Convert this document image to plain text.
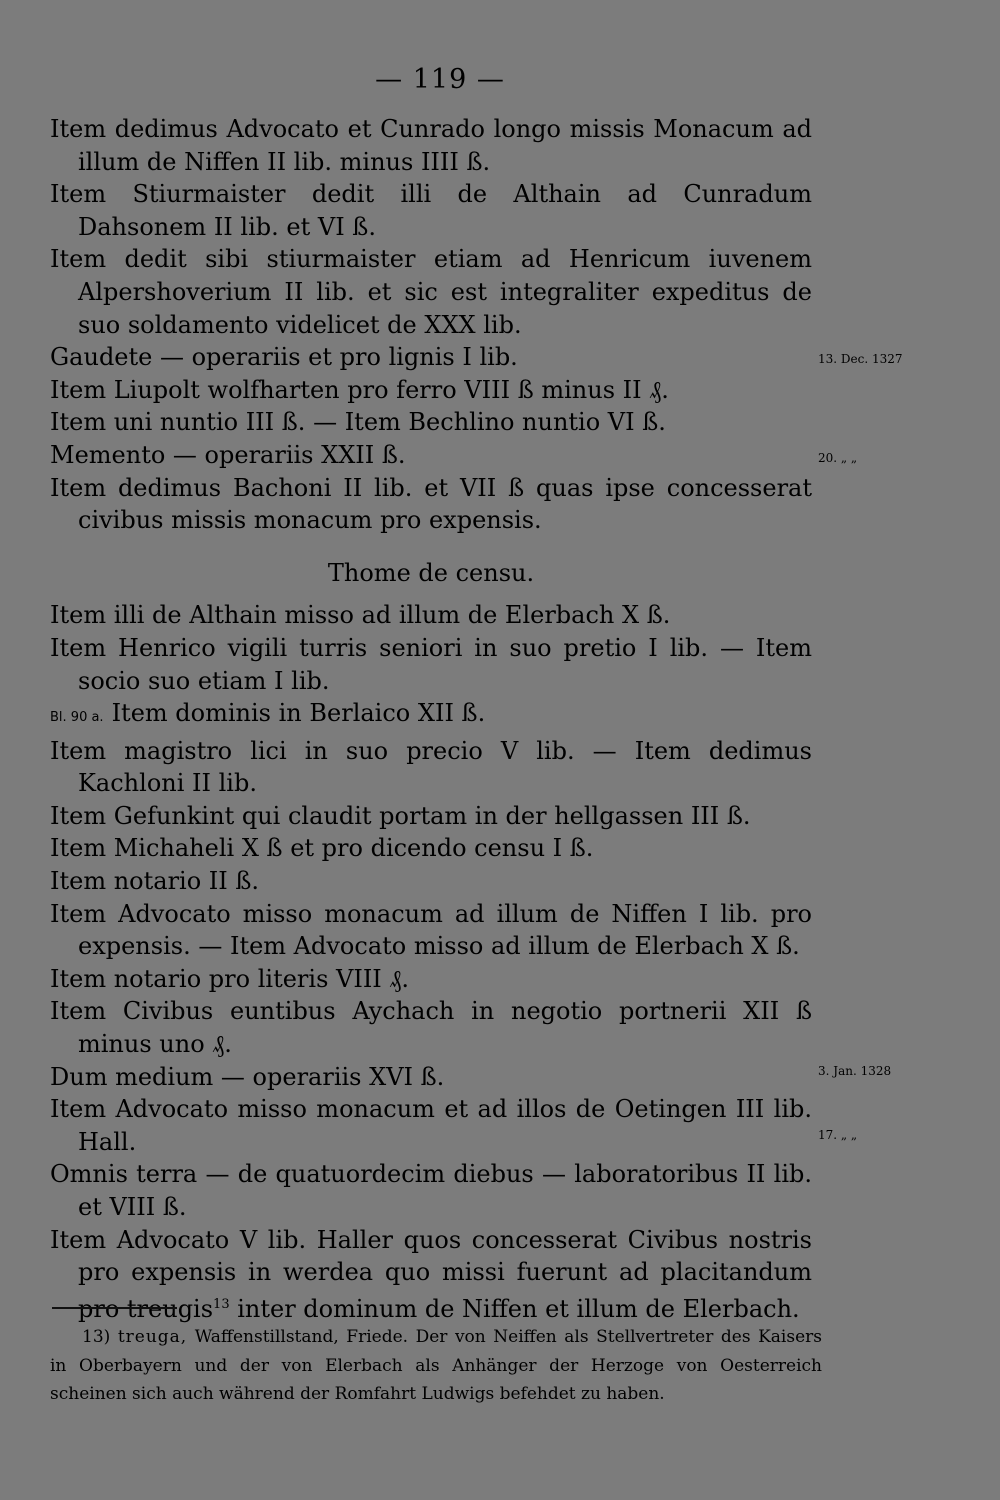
— 119 —
Item dedimus Advocato et Cunrado longo missis Monacum ad illum de Niffen II lib. minus IIII ß.
Item Stiurmaister dedit illi de Althain ad Cunradum Dahsonem II lib. et VI ß.
Item dedit sibi stiurmaister etiam ad Henricum iuvenem Alpershoverium II lib. et sic est integraliter expeditus de suo soldamento videlicet de XXX lib.
Gaudete — operariis et pro lignis I lib.
Item Liupolt wolfharten pro ferro VIII ß minus II ₰.
Item uni nuntio III ß. — Item Bechlino nuntio VI ß.
Memento — operariis XXII ß.
Item dedimus Bachoni II lib. et VII ß quas ipse concesserat civibus missis monacum pro expensis.
Thome de censu.
Item illi de Althain misso ad illum de Elerbach X ß.
Item Henrico vigili turris seniori in suo pretio I lib. — Item socio suo etiam I lib.
Bl. 90 a. Item dominis in Berlaico XII ß.
Item magistro lici in suo precio V lib. — Item dedimus Kachloni II lib.
Item Gefunkint qui claudit portam in der hellgassen III ß.
Item Michaheli X ß et pro dicendo censu I ß.
Item notario II ß.
Item Advocato misso monacum ad illum de Niffen I lib. pro expensis. — Item Advocato misso ad illum de Elerbach X ß.
Item notario pro literis VIII ₰.
Item Civibus euntibus Aychach in negotio portnerii XII ß minus uno ₰.
Dum medium — operariis XVI ß.
Item Advocato misso monacum et ad illos de Oetingen III lib. Hall.
Omnis terra — de quatuordecim diebus — laboratoribus II lib. et VIII ß.
Item Advocato V lib. Haller quos concesserat Civibus nostris pro expensis in werdea quo missi fuerunt ad placitandum pro treugis$^{13}$ inter dominum de Niffen et illum de Elerbach.
13. Dec. 1327
20. „ „
3. Jan. 1328
17. „ „
13) treuga, Waffenstillstand, Friede. Der von Neiffen als Stellvertreter des Kaisers in Oberbayern und der von Elerbach als Anhänger der Herzoge von Oesterreich scheinen sich auch während der Romfahrt Ludwigs befehdet zu haben.
